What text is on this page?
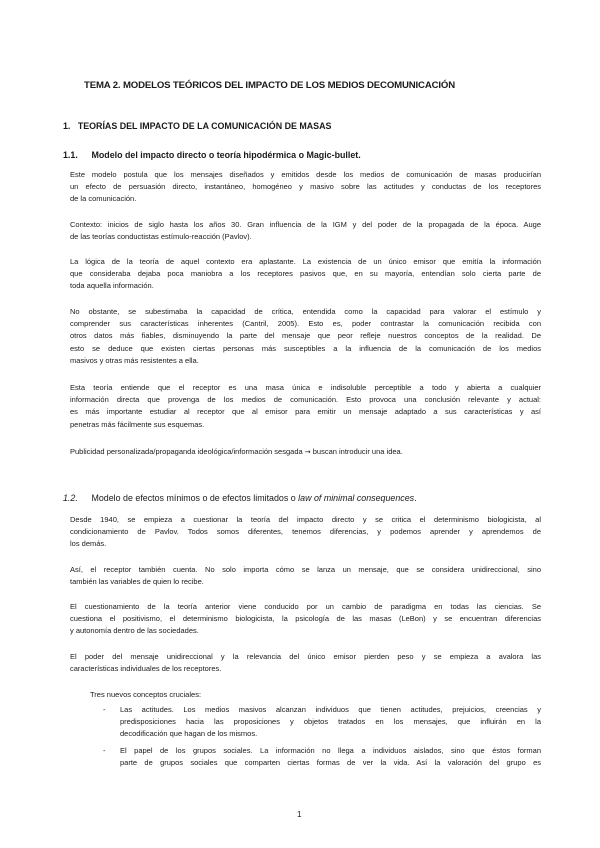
TEMA 2. MODELOS TEÓRICOS DEL IMPACTO DE LOS MEDIOS DECOMUNICACIÓN
1. TEORÍAS DEL IMPACTO DE LA COMUNICACIÓN DE MASAS
1.1. Modelo del impacto directo o teoría hipodérmica o Magic-bullet.
Este modelo postula que los mensajes diseñados y emitidos desde los medios de comunicación de masas producirían
un efecto de persuasión directo, instantáneo, homogéneo y masivo sobre las actitudes y conductas de los receptores
de la comunicación.
Contexto: inicios de siglo hasta los años 30. Gran influencia de la IGM y del poder de la propagada de la época. Auge
de las teorías conductistas estímulo-reacción (Pavlov).
La lógica de la teoría de aquel contexto era aplastante. La existencia de un único emisor que emitía la información
que consideraba dejaba poca maniobra a los receptores pasivos que, en su mayoría, entendían solo cierta parte de
toda aquella información.
No obstante, se subestimaba la capacidad de crítica, entendida como la capacidad para valorar el estímulo y
comprender sus características inherentes (Cantril, 2005). Esto es, poder contrastar la comunicación recibida con
otros datos más fiables, disminuyendo la parte del mensaje que peor refleje nuestros conceptos de la realidad. De
esto se deduce que existen ciertas personas más susceptibles a la influencia de la comunicación de los medios
masivos y otras más resistentes a ella.
Esta teoría entiende que el receptor es una masa única e indisoluble perceptible a todo y abierta a cualquier
información directa que provenga de los medios de comunicación. Esto provoca una conclusión relevante y actual:
es más importante estudiar al receptor que al emisor para emitir un mensaje adaptado a sus características y así
penetras más fácilmente sus esquemas.
Publicidad personalizada/propaganda ideológica/información sesgada → buscan introducir una idea.
1.2. Modelo de efectos mínimos o de efectos limitados o law of minimal consequences.
Desde 1940, se empieza a cuestionar la teoría del impacto directo y se critica el determinismo biologicista, al
condicionamiento de Pavlov. Todos somos diferentes, tenemos diferencias, y podemos aprender y aprendemos de
los demás.
Así, el receptor también cuenta. No solo importa cómo se lanza un mensaje, que se considera unidireccional, sino
también las variables de quien lo recibe.
El cuestionamiento de la teoría anterior viene conducido por un cambio de paradigma en todas las ciencias. Se
cuestiona el positivismo, el determinismo biologicista, la psicología de las masas (LeBon) y se encuentran diferencias
y autonomía dentro de las sociedades.
El poder del mensaje unidireccional y la relevancia del único emisor pierden peso y se empieza a avalora las
características individuales de los receptores.
Tres nuevos conceptos cruciales:
- Las actitudes. Los medios masivos alcanzan individuos que tienen actitudes, prejuicios, creencias y
predisposiciones hacia las proposiciones y objetos tratados en los mensajes, que influirán en la
decodificación que hagan de los mismos.
- El papel de los grupos sociales. La información no llega a individuos aislados, sino que éstos forman
parte de grupos sociales que comparten ciertas formas de ver la vida. Así la valoración del grupo es
1
